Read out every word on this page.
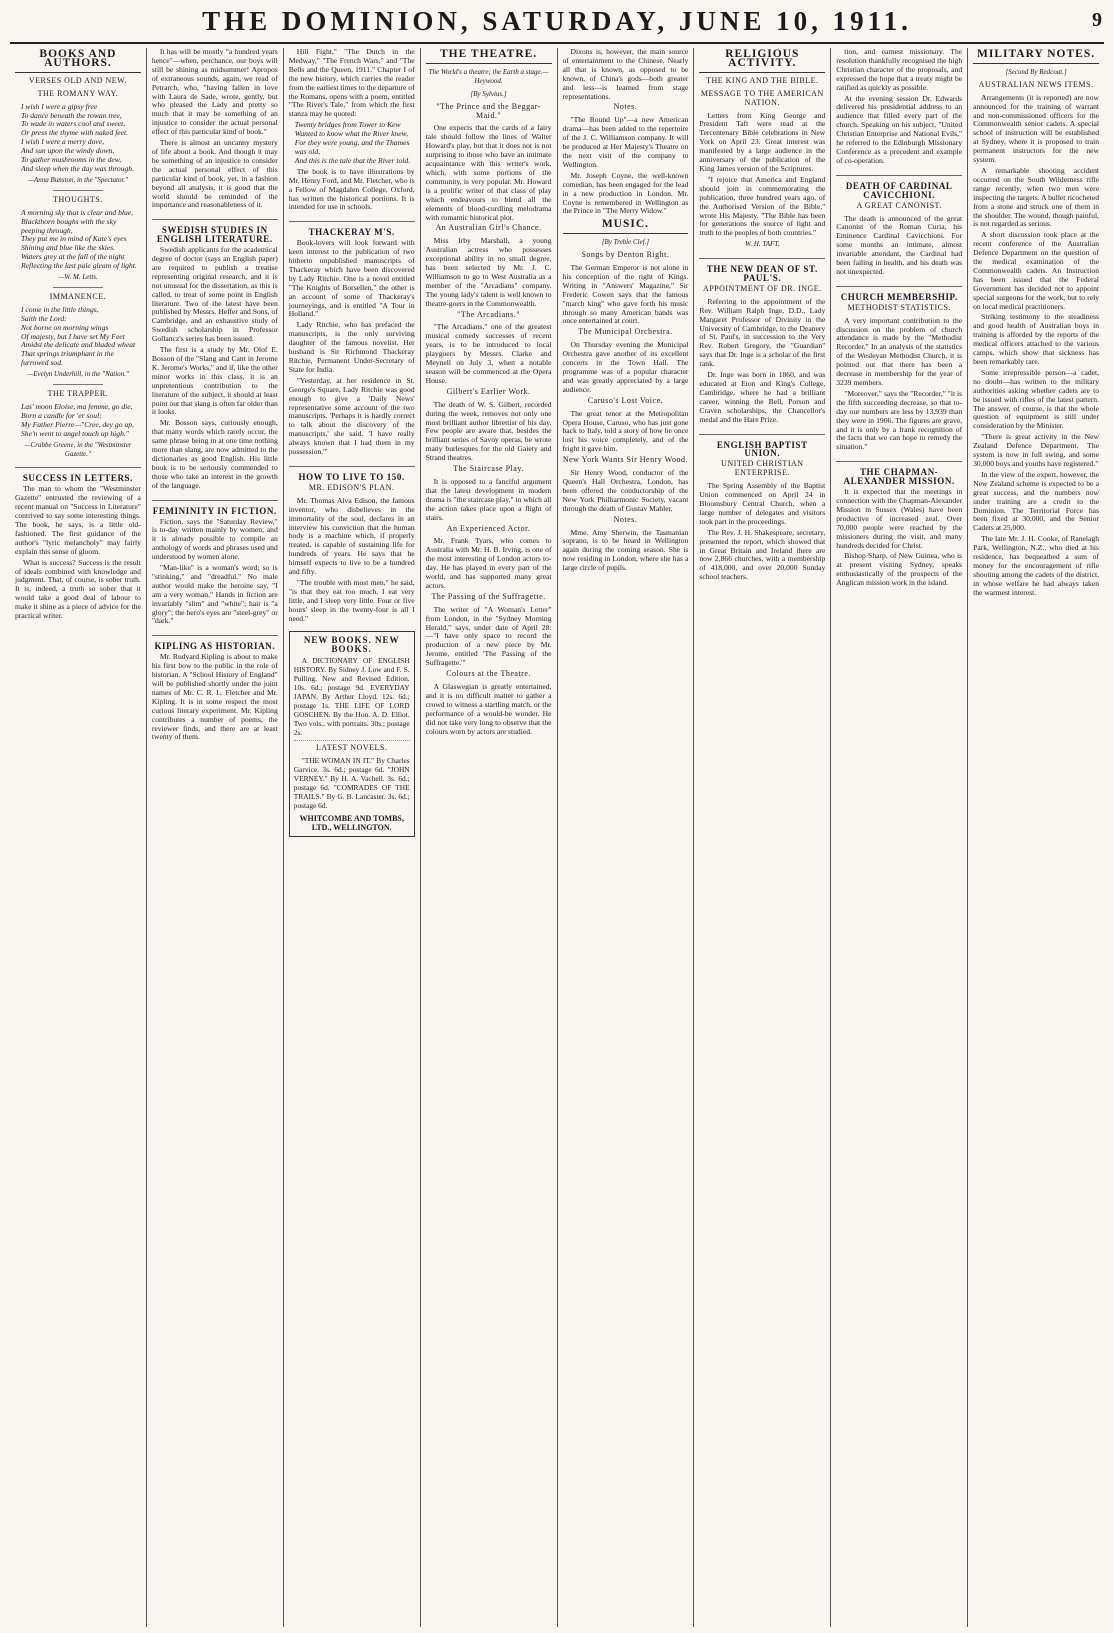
THE DOMINION, SATURDAY, JUNE 10, 1911.	9
BOOKS AND AUTHORS.
VERSES OLD AND NEW.
THE ROMANY WAY.
I wish I were a gipsy free
To dance beneath the rowan tree,
To wade in waters cool and sweet,
Or press the thyme with naked feet.
I wish I were a merry dove,
And sun upon the windy down,
To gather mushrooms in the dew,
And sleep when the day was through.
—Anna Bunston, in the "Spectator."
THOUGHTS.
A morning sky that is clear and blue,
Blackthorn boughs with the sky peeping through,
They put me in mind of Kate's eyes
Shining and blue like the skies.
Waters grey at the fall of the night
Reflecting the last pale gleam of light.
—W. M. Letts.
IMMANENCE.
I come in the little things,
Saith the Lord:
Not borne on morning wings
Of majesty, but I have set My Feet
Amidst the delicate and bladed wheat
That springs triumphant in the furrowed sod.
—Evelyn Underhill, in the "Nation."
THE TRAPPER.
Las' moon Eloise, ma femme, go die,
Born a candle for 'er soul;
My Father Pierre—"Cree, dey go up,
She'n went to angel touch up high."
—Crabbe Greene, in the "Westminster Gazette."
SUCCESS IN LETTERS.

The man to whom the "Westminster Gazette" entrusted the reviewing of a recent manual on "Success in Literature" contrived to say some interesting things. The book, he says, is a little old-fashioned. The first guidance of the author's "lyric melancholy" may fairly explain this sense of gloom.

What is success? Success is the result of ideals combined with knowledge and judgment. That, of course, is sober truth. It is, indeed, a truth so sober that it would take a good deal of labour to make it shine as a piece of advice for the practical writer.

It has will be mostly "a hundred years hence"—when, perchance, our boys will still be shining as midsummer! Apropos of extraneous sounds, again, we read of Petrarch, who, "having fallen in love with Laura de Sade, wrote, gently, but who pleased the Lady and pretty so much that it may be something of an injustice to consider the actual personal effect of this particular kind of book."

There is almost an uncanny mystery of life about a book. And though it may be something of an injustice to consider the actual personal effect of this particular kind of book, yet, in a fashion beyond all analysis, it is good that the world should be reminded of the importance and reasonableness of it.

SWEDISH STUDIES IN ENGLISH LITERATURE.

Swedish applicants for the academical degree of doctor (says an English paper) are required to publish a treatise representing original research, and it is not unusual for the dissertation, as this is called, to treat of some point in English literature. Two of the latest have been published by Messrs. Heffer and Sons, of Cambridge, and an exhaustive study of Swedish scholarship in Professor Gollancz's series has been issued.

The first is a study by Mr. Olof E. Bosson of the "Slang and Cant in Jerome K. Jerome's Works," and if, like the other minor works in this class, it is an unpretentious contribution to the literature of the subject, it should at least point out that slang is often far older than it looks.

Mr. Bosson says, curiously enough, that many words which rarely occur, the same phrase being in at one time nothing more than slang, are now admitted to the dictionaries as good English. His little book is to be seriously commended to those who take an interest in the growth of the language.

FEMININITY IN FICTION.

Fiction, says the "Saturday Review," is to-day written mainly by women; and it is already possible to compile an anthology of words and phrases used and understood by women alone.

"Man-like" is a woman's word; so is "stinking," and "dreadful." No male author would make the heroine say, "I am a very woman." Hands in fiction are invariably "slim" and "white"; hair is "a glory"; the hero's eyes are "steel-grey" or "dark."

KIPLING AS HISTORIAN.

Mr. Rudyard Kipling is about to make his first bow to the public in the role of historian. A "School History of England" will be published shortly under the joint names of Mr. C. R. L. Fletcher and Mr. Kipling. It is in some respect the most curious literary experiment. Mr. Kipling contributes a number of poems, the reviewer finds, and there are at least twenty of them.

Hill Fight," "The Dutch in the Medway," "The French Wars," and "The Bells and the Queen, 1911." Chapter I of the new history, which carries the reader from the earliest times to the departure of the Romans, opens with a poem, entitled "The River's Tale," from which the first stanza may be quoted:

Twenty bridges from Tower to Kew
Wanted to know what the River knew,
For they were young, and the Thames was old,
And this is the tale that the River told.

The book is to have illustrations by Mr. Henry Ford, and Mr. Fletcher, who is a Fellow of Magdalen College, Oxford, has written the historical portions. It is intended for use in schools.

THACKERAY M'S.

Book-lovers will look forward with keen interest to the publication of two hitherto unpublished manuscripts of Thackeray which have been discovered by Lady Ritchie. One is a novel entitled "The Knights of Borsellen," the other is an account of some of Thackeray's journeyings, and is entitled "A Tour in Holland."

Lady Ritchie, who has prefaced the manuscripts, is the only surviving daughter of the famous novelist. Her husband is Sir Richmond Thackeray Ritchie, Permanent Under-Secretary of State for India.

"Yesterday, at her residence in St. George's Square, Lady Ritchie was good enough to give a 'Daily News' representative some account of the two manuscripts. 'Perhaps it is hardly correct to talk about the discovery of the manuscripts,' she said. 'I have really always known that I had them in my possession.'"

HOW TO LIVE TO 150.
MR. EDISON'S PLAN.

Mr. Thomas Alva Edison, the famous inventor, who disbelieves in the immortality of the soul, declares in an interview his conviction that the human body is a machine which, if properly treated, is capable of sustaining life for hundreds of years. He says that he himself expects to live to be a hundred and fifty.

"The trouble with most men," he said, "is that they eat too much. I eat very little, and I sleep very little. Four or five hours' sleep in the twenty-four is all I need."

NEW BOOKS. NEW BOOKS.

A DICTIONARY OF ENGLISH HISTORY. By Sidney J. Low and F. S. Pulling. New and Revised Edition. 10s. 6d.; postage 9d. EVERYDAY JAPAN. By Arthur Lloyd. 12s. 6d.; postage 1s. THE LIFE OF LORD GOSCHEN. By the Hon. A. D. Elliot. Two vols., with portraits. 30s.; postage 2s.

LATEST NOVELS.

"THE WOMAN IN IT." By Charles Garvice. 3s. 6d.; postage 6d. "JOHN VERNEY." By H. A. Vachell. 3s. 6d.; postage 6d. "COMRADES OF THE TRAILS." By G. B. Lancaster. 3s. 6d.; postage 6d.

WHITCOMBE AND TOMBS, LTD., WELLINGTON.
THE THEATRE.
The World's a theatre; the Earth a stage.—Heywood.
[By Sylvius.]
"The Prince and the Beggar-Maid."

One expects that the cards of a fairy tale should follow the lines of Walter Howard's play, but that it does not is not surprising to those who have an intimate acquaintance with this writer's work, which, with some portions of the community, is very popular. Mr. Howard is a prolific writer of that class of play which endeavours to blend all the elements of blood-curdling melodrama with romantic historical plot.

An Australian Girl's Chance.

Miss Irby Marshall, a young Australian actress who possesses exceptional ability in no small degree, has been selected by Mr. J. C. Williamson to go to West Australia as a member of the "Arcadians" company. The young lady's talent is well known to theatre-goers in the Commonwealth.

"The Arcadians."

"The Arcadians," one of the greatest musical comedy successes of recent years, is to be introduced to local playgoers by Messrs. Clarke and Meynell on July 3, when a notable season will be commenced at the Opera House.

Gilbert's Earlier Work.

The death of W. S. Gilbert, recorded during the week, removes not only one most brilliant author librettist of his day. Few people are aware that, besides the brilliant series of Savoy operas, he wrote many burlesques for the old Gaiety and Strand theatres.

The Staircase Play.

It is opposed to a fanciful argument that the latest development in modern drama is "the staircase play," in which all the action takes place upon a flight of stairs.

An Experienced Actor.

Mr. Frank Tyars, who comes to Australia with Mr. H. B. Irving, is one of the most interesting of London actors to-day. He has played in every part of the world, and has supported many great actors.

The Passing of the Suffragette.

The writer of "A Woman's Letter" from London, in the "Sydney Morning Herald," says, under date of April 28:—"I have only space to record the production of a new piece by Mr. Jerome, entitled 'The Passing of the Suffragette.'"

Colours at the Theatre.

A Glaswegian is greatly entertained, and it is no difficult matter to gather a crowd to witness a startling match, or the performance of a would-be wonder. He did not take very long to observe that the colours worn by actors are studied.

Dixons is, however, the main source of entertainment to the Chinese. Nearly all that is known, as opposed to be known, of China's gods—both greater and less—is learned from stage representations.

Notes.

"The Round Up"—a new American drama—has been added to the repertoire of the J. C. Williamson company. It will be produced at Her Majesty's Theatre on the next visit of the company to Wellington.

Mr. Joseph Coyne, the well-known comedian, has been engaged for the lead in a new production in London. Mr. Coyne is remembered in Wellington as the Prince in "The Merry Widow."

MUSIC.
[By Treble Clef.]
Songs by Denton Right.

The German Emperor is not alone in his conception of the right of Kings. Writing in "Answers' Magazine," Sir Frederic Cowen says that the famous "march king" who gave forth his music through so many American bands was once entertained at court.

The Municipal Orchestra.

On Thursday evening the Municipal Orchestra gave another of its excellent concerts in the Town Hall. The programme was of a popular character and was greatly appreciated by a large audience.

Caruso's Lost Voice.

The great tenor at the Metropolitan Opera House, Caruso, who has just gone back to Italy, told a story of how he once lost his voice completely, and of the fright it gave him.

New York Wants Sir Henry Wood.

Sir Henry Wood, conductor of the Queen's Hall Orchestra, London, has been offered the conductorship of the New York Philharmonic Society, vacant through the death of Gustav Mahler.

Notes.

Mme. Amy Sherwin, the Tasmanian soprano, is to be heard in Wellington again during the coming season. She is now residing in London, where she has a large circle of pupils.

RELIGIOUS ACTIVITY.
THE KING AND THE BIBLE.
MESSAGE TO THE AMERICAN NATION.

Letters from King George and President Taft were read at the Tercentenary Bible celebrations in New York on April 23. Great interest was manifested by a large audience in the anniversary of the publication of the King James version of the Scriptures.

"I rejoice that America and England should join in commemorating the publication, three hundred years ago, of the Authorised Version of the Bible," wrote His Majesty. "The Bible has been for generations the source of light and truth to the peoples of both countries."

W. H. TAFT.
THE NEW DEAN OF ST. PAUL'S.
APPOINTMENT OF DR. INGE.

Referring to the appointment of the Rev. William Ralph Inge, D.D., Lady Margaret Professor of Divinity in the University of Cambridge, to the Deanery of St. Paul's, in succession to the Very Rev. Robert Gregory, the "Guardian" says that Dr. Inge is a scholar of the first rank.

Dr. Inge was born in 1860, and was educated at Eton and King's College, Cambridge, where he had a brilliant career, winning the Bell, Porson and Craven scholarships, the Chancellor's medal and the Hare Prize.

ENGLISH BAPTIST UNION.
UNITED CHRISTIAN ENTERPRISE.

The Spring Assembly of the Baptist Union commenced on April 24 in Bloomsbury Central Church, when a large number of delegates and visitors took part in the proceedings.

The Rev. J. H. Shakespeare, secretary, presented the report, which showed that in Great Britain and Ireland there are now 2,866 churches, with a membership of 418,000, and over 20,000 Sunday school teachers.

tion, and earnest missionary. The resolution thankfully recognised the high Christian character of the proposals, and expressed the hope that a treaty might be ratified as quickly as possible.

At the evening session Dr. Edwards delivered his presidential address to an audience that filled every part of the church. Speaking on his subject, "United Christian Enterprise and National Evils," he referred to the Edinburgh Missionary Conference as a precedent and example of co-operation.

DEATH OF CARDINAL CAVICCHIONI.
A GREAT CANONIST.

The death is announced of the great Canonist of the Roman Curia, his Eminence Cardinal Cavicchioni. For some months an intimate, almost invariable attendant, the Cardinal had been failing in health, and his death was not unexpected.

CHURCH MEMBERSHIP.
METHODIST STATISTICS.

A very important contribution to the discussion on the problem of church attendance is made by the "Methodist Recorder." In an analysis of the statistics of the Wesleyan Methodist Church, it is pointed out that there has been a decrease in membership for the year of 3239 members.

"Moreover," says the "Recorder," "it is the fifth succeeding decrease, so that to-day our numbers are less by 13,939 than they were in 1906. The figures are grave, and it is only by a frank recognition of the facts that we can hope to remedy the situation."

THE CHAPMAN-ALEXANDER MISSION.

It is expected that the meetings in connection with the Chapman-Alexander Mission in Sussex (Wales) have been productive of increased zeal. Over 70,000 people were reached by the missioners during the visit, and many hundreds decided for Christ.

Bishop Sharp, of New Guinea, who is at present visiting Sydney, speaks enthusiastically of the prospects of the Anglican mission work in the island.

MILITARY NOTES.
[Second By Redcoat.]
AUSTRALIAN NEWS ITEMS.

Arrangements (it is reported) are now announced for the training of warrant and non-commissioned officers for the Commonwealth senior cadets. A special school of instruction will be established at Sydney, where it is proposed to train permanent instructors for the new system.

A remarkable shooting accident occurred on the South Wilderness rifle range recently, when two men were inspecting the targets. A bullet ricocheted from a stone and struck one of them in the shoulder. The wound, though painful, is not regarded as serious.

A short discussion took place at the recent conference of the Australian Defence Department on the question of the medical examination of the Commonwealth cadets. An Instruction has been issued that the Federal Government has decided not to appoint special surgeons for the work, but to rely on local medical practitioners.

Striking testimony to the steadiness and good health of Australian boys in training is afforded by the reports of the medical officers attached to the various camps, which show that sickness has been remarkably rare.

Some irrepressible person—a cadet, no doubt—has written to the military authorities asking whether cadets are to be issued with rifles of the latest pattern. The answer, of course, is that the whole question of equipment is still under consideration by the Minister.

"There is great activity in the New Zealand Defence Department. The system is now in full swing, and some 30,000 boys and youths have registered."

In the view of the expert, however, the New Zealand scheme is expected to be a great success, and the numbers now under training are a credit to the Dominion. The Territorial Force has been fixed at 30,000, and the Senior Cadets at 25,000.

The late Mr. J. H. Cooke, of Ranelagh Park, Wellington, N.Z., who died at his residence, has bequeathed a sum of money for the encouragement of rifle shooting among the cadets of the district, in whose welfare he had always taken the warmest interest.
